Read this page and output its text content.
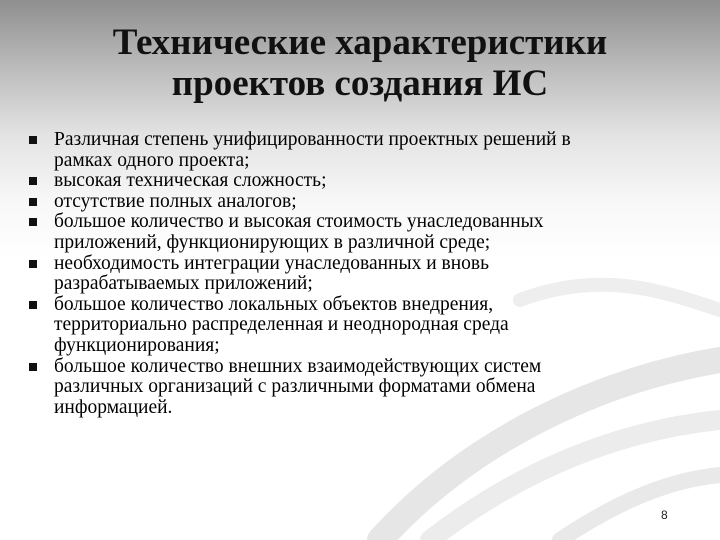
Технические характеристики
проектов создания ИС
Различная степень унифицированности проектных решений в
рамках одного проекта;
высокая техническая сложность;
отсутствие полных аналогов;
большое количество и высокая стоимость унаследованных
приложений, функционирующих в различной среде;
необходимость интеграции унаследованных и вновь
разрабатываемых приложений;
большое количество локальных объектов внедрения,
территориально распределенная и неоднородная среда
функционирования;
большое количество внешних взаимодействующих систем
различных организаций с различными форматами обмена
информацией.
8
